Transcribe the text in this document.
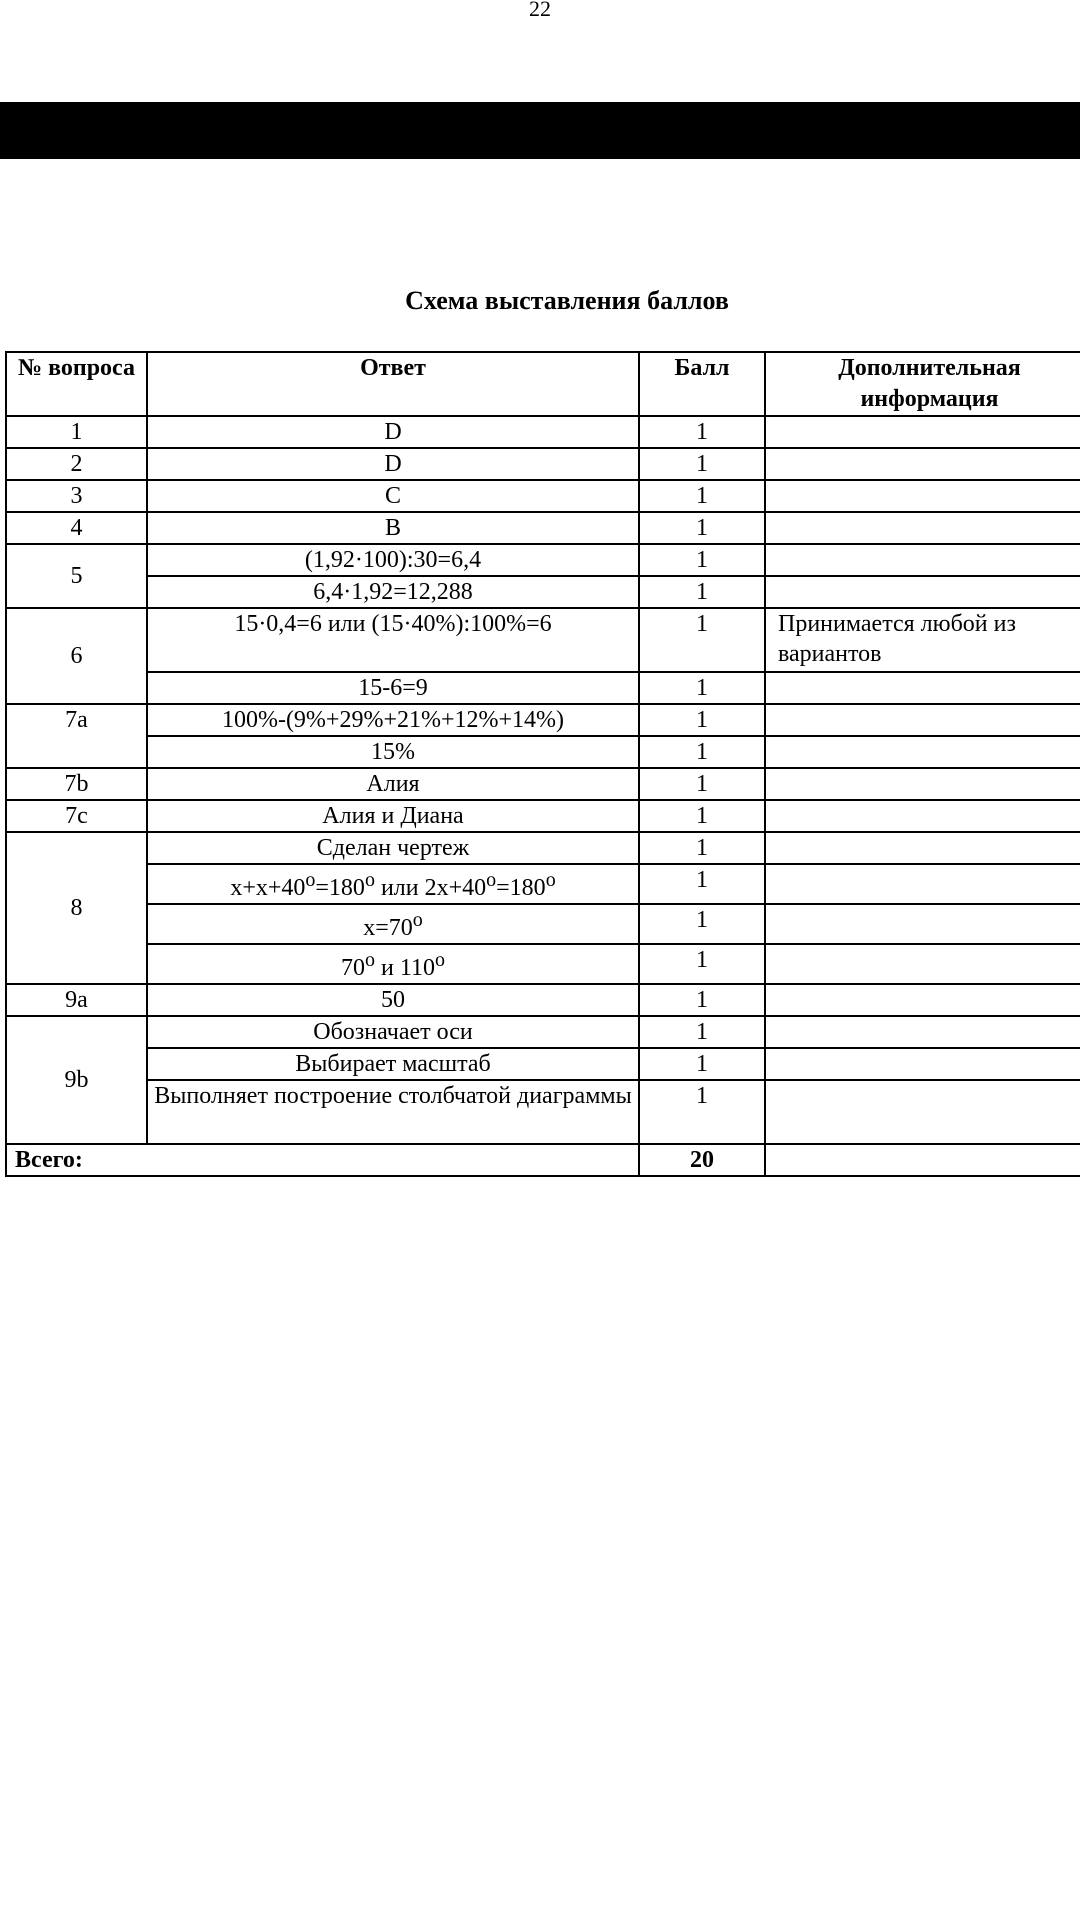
22
Схема выставления баллов
№ вопроса	Ответ	Балл	Дополнительная информация
1	D	1	
2	D	1	
3	C	1	
4	B	1	
5	(1,92·100):30=6,4	1	
	6,4·1,92=12,288	1	
6	15·0,4=6 или (15·40%):100%=6	1	Принимается любой из вариантов
	15-6=9	1	
7a	100%-(9%+29%+21%+12%+14%)	1	
	15%	1	
7b	Алия	1	
7c	Алия и Диана	1	
8	Сделан чертеж	1	
	$x+x+40^o=180^o$ или $2x+40^o=180^o$	1	
	$x=70^o$	1	
	70$^o$ и 110$^o$	1	
9a	50	1	
9b	Обозначает оси	1	
	Выбирает масштаб	1	
	Выполняет построение столбчатой диаграммы	1	
Всего:		20	
